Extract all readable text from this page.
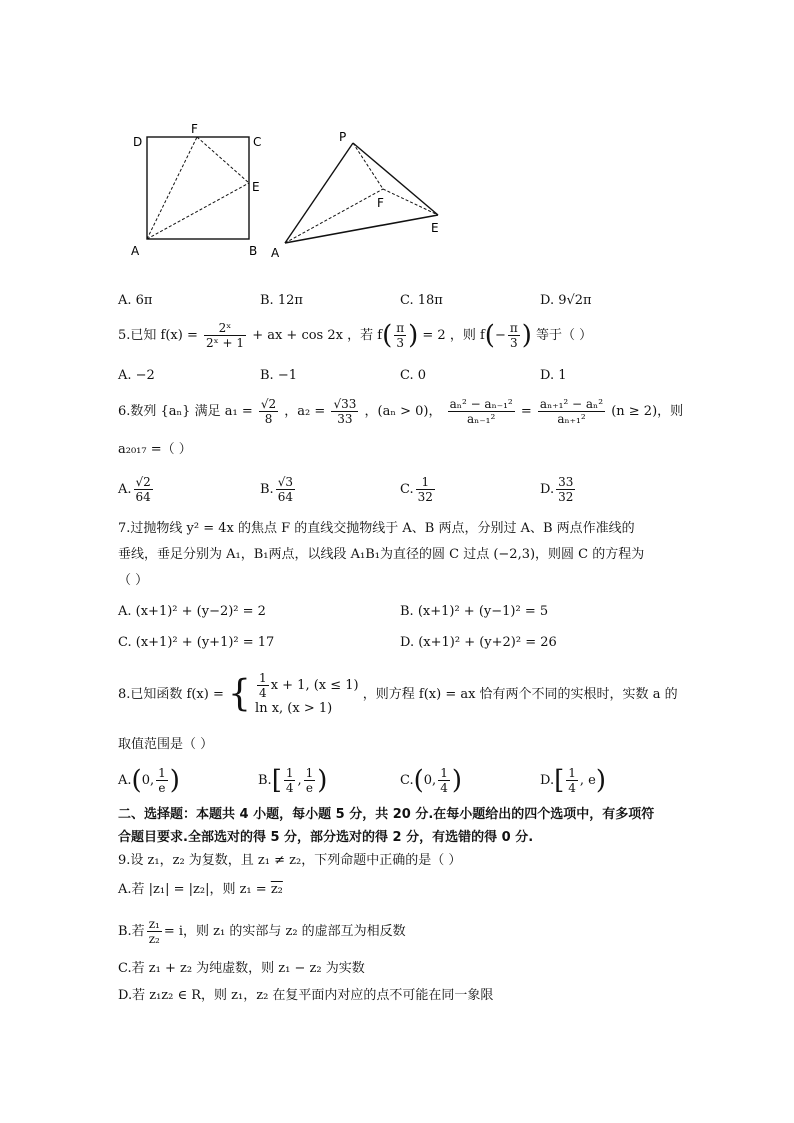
D
F
C
E
A	B
P
F
A
E
A. 6π	B. 12π	C. 18π	D. 9√2π
5.已知 $f(x) = \frac{\text{2ˣ}}{\text{2ˣ + 1}}$ + ax + cos 2x ，若 $f( \frac{\pi}{3}$ ) = 2 ，则 $f(- \frac{\pi}{3}$ ) 等于（ ）
A. −2	B. −1	C. 0	D. 1
6.数列 {aₙ} 满足 $a_1 = \frac{√2}{8}$ ，$a_2 = \frac{√33}{33}$ ，(aₙ > 0)， $\frac{\text{aₙ² − aₙ₋₁²}}{\text{aₙ₋₁²}} = \frac{\text{aₙ₊₁² − aₙ²}}{\text{aₙ₊₁²}} (n \ge 2)$，则
a₂₀₁₇ =（ ）
A. $\frac{√2}{64}$	B. $\frac{√3}{64}$	C. $\frac{1}{32}$	D. $\frac{33}{32}$
7.过抛物线 y² = 4x 的焦点 F 的直线交抛物线于 A、B 两点，分别过 A、B 两点作准线的
垂线，垂足分别为 A₁，B₁两点，以线段 A₁B₁为直径的圆 C 过点 (−2,3)，则圆 C 的方程为
（ ）
A. (x+1)² + (y−2)² = 2	B. (x+1)² + (y−1)² = 5
C. (x+1)² + (y+1)² = 17	D. (x+1)² + (y+2)² = 26
8.已知函数 f(x) = { $\frac{1}{4}$ x + 1, (x ≤ 1)
ln x, (x > 1)
，则方程 f(x) = ax 恰有两个不同的实根时，实数 a 的
取值范围是（ ）
A.(0, $\frac{1}{e}$ )	$B.[ \frac{1}{4}$ , $\frac{1}{e}$ )	C.(0, $\frac{1}{4}$ )	$D.[ \frac{1}{4}$ , e)
二、选择题：本题共 4 小题，每小题 5 分，共 20 分.在每小题给出的四个选项中，有多项符
合题目要求.全部选对的得 5 分，部分选对的得 2 分，有选错的得 0 分.
9.设 z₁，z₂ 为复数，且 z₁ ≠ z₂，下列命题中正确的是（ ）
A.若 |z₁| = |z₂|，则 z₁ = z₂
B.若 $\frac{\text{z₁}}{\text{z₂}} = i$，则 z₁ 的实部与 z₂ 的虚部互为相反数
C.若 z₁ + z₂ 为纯虚数，则 z₁ − z₂ 为实数
D.若 z₁z₂ ∈ R，则 z₁，z₂ 在复平面内对应的点不可能在同一象限
